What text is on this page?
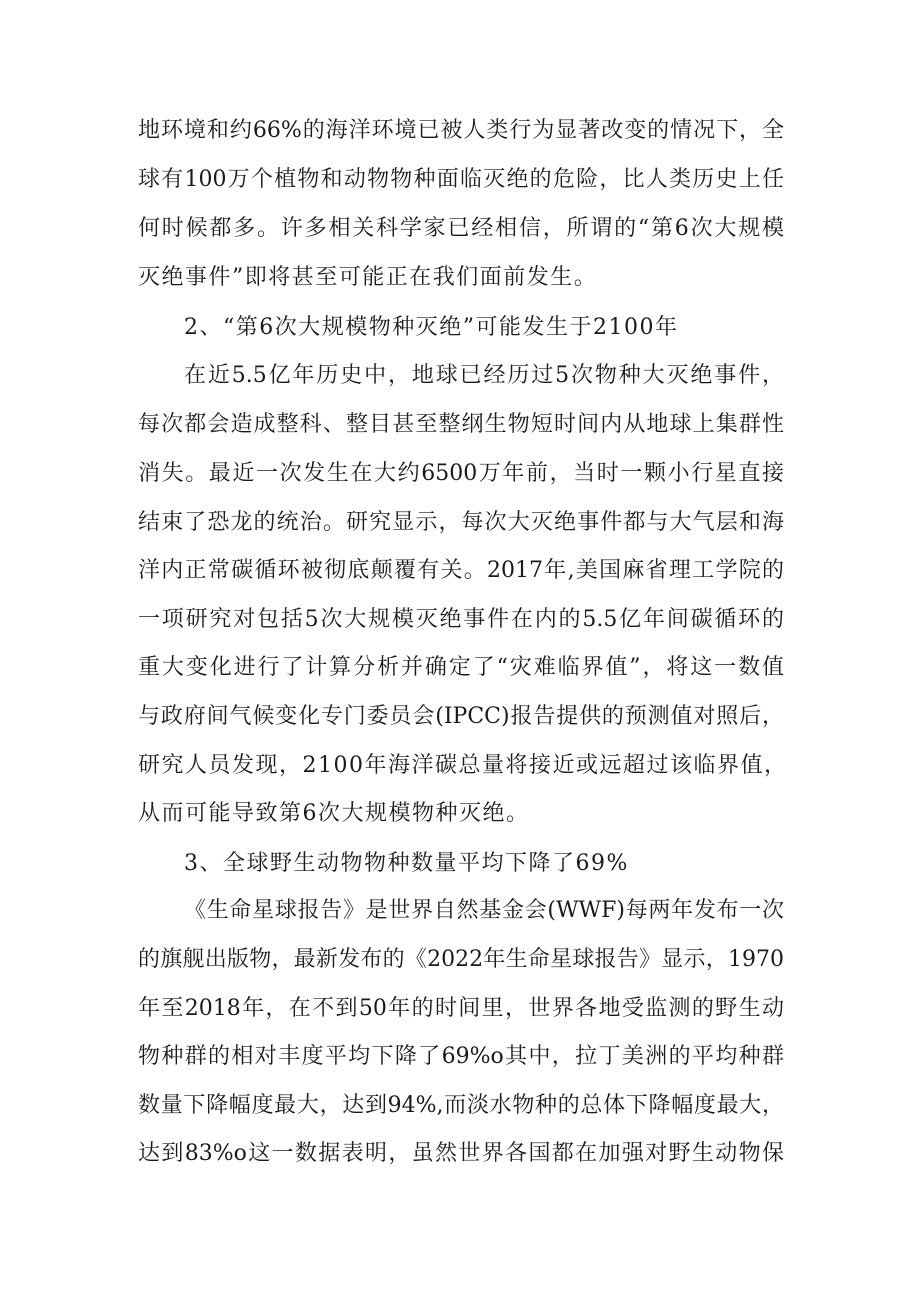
地环境和约66%的海洋环境已被人类行为显著改变的情况下，全
球有100万个植物和动物物种面临灭绝的危险，比人类历史上任
何时候都多。许多相关科学家已经相信，所谓的“第6次大规模
灭绝事件”即将甚至可能正在我们面前发生。
2、“第6次大规模物种灭绝”可能发生于2100年
在近5.5亿年历史中，地球已经历过5次物种大灭绝事件，
每次都会造成整科、整目甚至整纲生物短时间内从地球上集群性
消失。最近一次发生在大约6500万年前，当时一颗小行星直接
结束了恐龙的统治。研究显示，每次大灭绝事件都与大气层和海
洋内正常碳循环被彻底颠覆有关。2017年,美国麻省理工学院的
一项研究对包括5次大规模灭绝事件在内的5.5亿年间碳循环的
重大变化进行了计算分析并确定了“灾难临界值”，将这一数值
与政府间气候变化专门委员会(IPCC)报告提供的预测值对照后，
研究人员发现，2100年海洋碳总量将接近或远超过该临界值，
从而可能导致第6次大规模物种灭绝。
3、全球野生动物物种数量平均下降了69%
《生命星球报告》是世界自然基金会(WWF)每两年发布一次
的旗舰出版物，最新发布的《2022年生命星球报告》显示，1970
年至2018年，在不到50年的时间里，世界各地受监测的野生动
物种群的相对丰度平均下降了69%o其中，拉丁美洲的平均种群
数量下降幅度最大，达到94%,而淡水物种的总体下降幅度最大，
达到83%o这一数据表明，虽然世界各国都在加强对野生动物保
